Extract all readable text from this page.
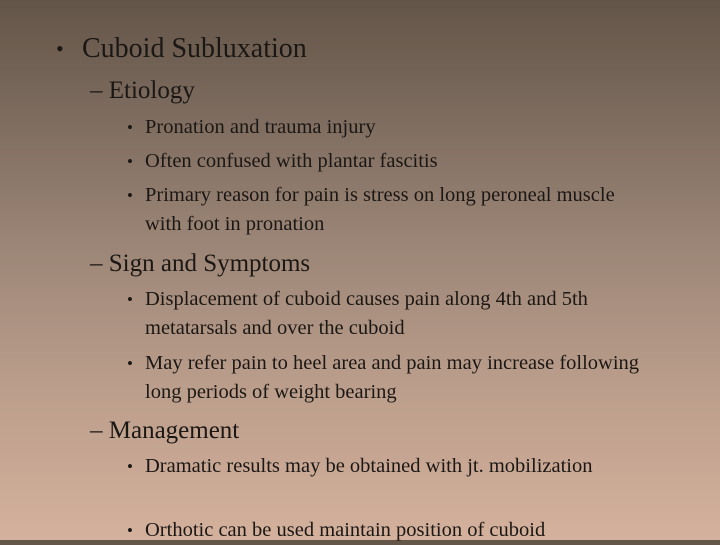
• Cuboid Subluxation
– Etiology
• Pronation and trauma injury
• Often confused with plantar fascitis
• Primary reason for pain is stress on long peroneal muscle with foot in pronation
– Sign and Symptoms
• Displacement of cuboid causes pain along 4th and 5th metatarsals and over the cuboid
• May refer pain to heel area and pain may increase following long periods of weight bearing
– Management
• Dramatic results may be obtained with jt. mobilization
• Orthotic can be used maintain position of cuboid
